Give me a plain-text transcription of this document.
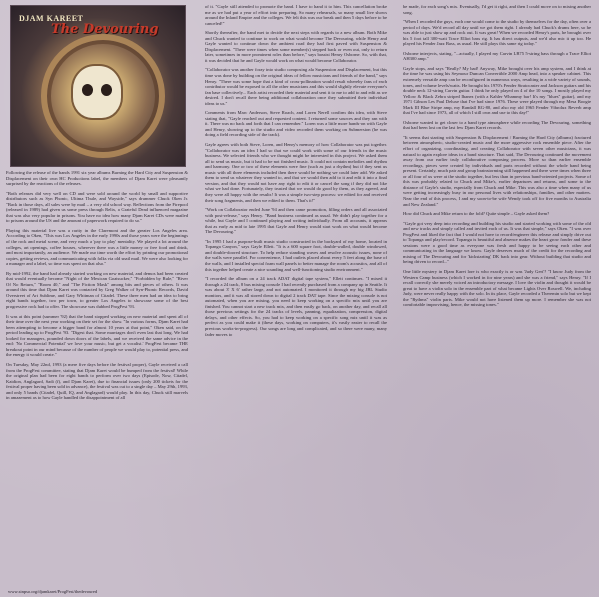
DJAM KAREET
The Devouring

Following the release of the bands 1991 six year albums Burning the Hard City and Suspension & Displacement on their own HC Productions label, the members of Djam Karet were pleasantly surprised by the reactions of the releases.

"Both releases did very well on CD and were sold around the world by small and supportive distributors such as Syn Phonic, Ultima Thule, and Wayside," says drummer Chuck Oken Jr. "Back in those days, all sales were by mail – a very old school way. Reflections from the Firepool (released in 1989) had given us some press through Relix, a Grateful Dead influenced magazine that was also very popular in prisons. You have no idea how many Djam Karet CDs were mailed to prisons around the US and the amount of paperwork required to do so."

Playing this material live was a rarity in the Claremont and the greater Los Angeles area. According to Oken, "This was Los Angeles in the early 1990s and those years were the beginnings of the rock and metal scene, and very much a 'pay to play' mentality. We played a lot around the colleges, art openings, coffee houses, wherever there was a little money or free food and drink, and most importantly, an audience. We made our time worth the effort by printing our promotional copies, getting reviews, and communicating with folks via old snail mail. We were also looking for a manager and a label, so time was spent on that also."

By mid-1992, the band had already started working on new material, and demos had been created that would eventually become "Night of the Mexican Goatsucker," "Forbidden by Rule," "River Of No Return," "Room 40," and "The Fiction Mask" among bits and pieces of others. It was around this time that Djam Karet was contacted by Greg Walker of Syn-Phonic Records, David Overstreet of Art Sublime, and Gary Whitman of Citadel. These three men had an idea to bring eight bands together, two per town, to greater Los Angeles to showcase some of the best progressive rock had to offer. The showcase was dubbed ProgFest '93.

It was at this point (summer '92) that the band stopped working on new material and spent all of their time over the next year working on their set for the show. "In various forms, Djam Karet had been attempting to become a bigger band for almost 10 years at that point," Oken said, on the period leading up to ProgFest '93. "Digest that. Some marriages don't even last that long. We had looked for managers, pounded down doors of the labels, and we received the same advice in the end: 'No Commercial Potential' we love your music, but get a vocalist.' ProgFest became THE breakout point in our mind because of the number of people we would play to, potential press, and the energy it would create."

On Tuesday, May 22nd, 1993 (a mere five days before the festival proper), Gayle received a call from the ProgFest committee, stating that Djam Karet would be bumped from the festival! While the original plan had been for eight bands to perform over two days (Episode, Now, Citadel, Kaidion, Anglagard, Sadi (f), and Djam Karet), due to financial issues (only 200 tickets for the festival proper having been sold in advance), the festival was cut to a single day – May 29th, 1993, and only 5 bands (Citadel, Quill, IQ, and Anglagard) would play. In this day, Chuck still marvels in amazement as to how Gayle handled the disappointment of all

of it. "Gayle still attended to promote the band. I have to hand it to him. This cancellation broke me as we had put a year of effort into preparing. So many rehearsals, so many small live shows around the Inland Empire and the colleges. We felt this was our break and then 5 days before to be canceled!"

Shortly thereafter, the band met to decide the next steps with regards to a new album. Both Mike and Chuck wanted to continue to work on what would become The Devouring, while Henry and Gayle wanted to continue down the ambient road they had first paved with Suspension & Displacement. "There were times when some member(s) stepped back or even out, only to return later, sometimes in more prominent roles than before," says bassist Henry Osborne. So, with that, it was decided that he and Gayle would work on what would become Collaborator.

"Collaborator was another foray into studio composing ala Suspension and Displacement, but this time was done by building on the original ideas of fellow musicians and friends of the band," says Henry. "There was some hope that a kind of cross-pollination would result whereby fans of each contributor would be exposed to all the other musicians and this would slightly elevate everyone's fan base collectively... Each artist recorded their material and sent it to me to add to and edit as we desired. I don't recall there being additional collaboration once they submitted their individual ideas to us."

Comments from Marc Anderson, Steve Roach, and Loren Nerell confirm this idea, with Steve stating that, "Gayle reached out and requested content. I returned some sources and they ran with it. There was no back and forth that I can remember." Loren was a little more hands-on with Gayle and Henry, showing up to the studio and video recorded them working on Submersion (he was doing a field recording side of the track).

Gayle agrees with both Steve, Loren, and Henry's memory of how Collaborator was put together. "Collaborator was an idea I had so that we could work with some of our friends in the music business. We selected friends who we thought might be interested in this project. We asked them all to send us music, but it had to be not finished music. It could not contain melodies and rhythm and harmony. One or two of these elements were fine (such as just a rhythm) but if they sent us music with all three elements included then there would be nothing we could later add. We asked them to send us whatever they wanted to, and that we would then add to it and edit it into a final version, and that they would not have any right to edit it or cancel the song if they did not like what we had done. Fortunately, they trusted that we would do good by them, as they agreed, and they were all happy with the results! It was a simple two-step process: we edited for and received their song fragments, and then we edited to them. That's it!"

"Work on Collaborator ended June '94 and then came promotion, filling orders and all associated with post-release," says Henry. "Band business continued as usual. We didn't play together for a while, but Gayle and I continued playing and writing individually. From all accounts, it appears that as early as mid to late 1995 that Gayle and Henry would start work on what would become The Devouring."

"In 1995 I had a purpose-built music studio constructed in the backyard of my home, located in Topanga Canyon," says Gayle Ellett. "It is a 600 square foot, double-walled, double windowed, and double-doored structure. To help reduce standing waves and resolve acoustic issues, none of the walls were parallel. For convenience, I had outlets placed about every 5 feet along the base of the walls, and I installed special foam wall panels to better manage the room's acoustics, and all of this together helped create a nice sounding and well-functioning studio environment."

"I recorded the album on a 24 track ADAT digital tape system," Ellett continues. "I mixed it through a 24 track, 8 bus mixing console I had recently purchased from a company up in Seattle. It was about 3' X 6' rather large, and not automated. I monitored it through my big JBL Studio monitors, and it was all stored down to digital 2 track DAT tape. Since the mixing console is not automated, when you are mixing, you need to keep working on a specific mix until you are finished. You cannot start a new track mix, and then easily go back, on another day, and recall all those previous settings for the 24 tracks of levels, panning, equalization, compression, digital delays, and other effects. So, you had to keep working on a specific song mix until it was as perfect as you could make it (these days, working on computers, it's vastly easier to recall the previous works-in-progress). Our songs are long and complicated, and so there were many, many fader moves to

be made, for each song's mix. Eventually, I'd get it right, and then I could move on to mixing another song.

"When I recorded the guys, each one would come to the studio by themselves for the day, often over a period of days. We'd record all day until we got them right. I already had Chuck's drums here, so he was able to just show up and rock out. It was great! When we recorded Henry's parts, he brought over his 5 foot tall 300-watt Trace Elliot bass rig. It has direct outputs, and we'd also mic it up too. He played his Fender Jazz Bass, as usual. He still plays this same rig today."

Osborne interjects, stating, "...actually, I played my Carvin LB75 5-string bass through a Trace Elliot AH300 amp."

Gayle stops, and says "Really? My bad! Anyway, Mike brought over his amp system, and I think at the time he was using his Seymour Duncan Convertible 2000 Amp head, into a speaker cabinet. This extremely versatile amp can be reconfigured in numerous ways, resulting in a wide variety of sounds, tones, and volume levels/watts. He brought his 1970's Fender Stratocaster and Jackson guitars and his double neck 12-string Carvin guitar. I think he only played on 4 of the 10 songs. I mostly played my Yellow & Black Zebra striped Ibanez (with a Kahler Whammy bar! It's my "blues" guitar), and my 1971 Gibson Les Paul Deluxe that I've had since 1976. These were played through my Mesa Boogie Mark III Blue Stripe amp, my Randall RG-80, and also my old 1965 Fender Vibrolux Reverb amp that I've had since 1973, all of which I still own and use to this day!"

Osborne wanted to get closer to a band type atmosphere while recording The Devouring, something that had been lost on the last few Djam Karet records.

"It seems that starting with Suspension & Displacement / Burning the Hard City (albums) fractured between atmospheric, studio-created music and the more aggressive rock ensemble piece. After the effort of organizing, coordinating, and creating Collaborator with seven other musicians, it was natural to again explore ideas in a band structure. That said, The Devouring continued the movement away from our earlier truly collaborative composing process. More so than earlier ensemble recordings, pieces were created by individuals and parts recorded without the whole band being present. Certainly, much pair and group brainstorming still happened and there were times when three or all four of us were at the studio together, but less than in previous band-oriented projects. Some of this was probably related to Chuck and Mike's, earlier departures and returns, and some to the distance of Gayle's studio, especially from Chuck and Mike. This was also a time when many of us were getting increasingly busy in our personal lives with relationships, families, and other matters. Near the end of this process, I and my soon-to-be wife Wendy took off for five months to Australia and New Zealand."

How did Chuck and Mike return to the fold? Quite simple – Gayle asked them?

"Gayle got very deep into recording and building his studio and started working with some of the old and new tracks and simply called and invited each of us. It was that simple," says Oken. "I was over ProgFest and liked the fact that I would not have to record/engineer this release and simply drive out to Topanga and play/record. Topanga is beautiful and absence makes the heart grow fonder and these sessions were a good time as everyone was fresh and happy to be seeing each other and communicating in the language we know. Gayle deserves much of the credit for the recording and mixing of The Devouring and for 'kickstarting' DK back into gear. Without building that studio and being driven to record..."

One little mystery in Djam Karet lore is who exactly is or was 'Judy Gert'? "I know Judy from the Western Camp business (which I worked in for nine years) and she was a friend," says Henry. "If I recall correctly she merely voiced an introductory message. I love the violin and thought it would be great to have a violin solo in the ensemble part of what became Lights Over Roswell. We, including Judy, were never really happy with the solo. In its place, Gayle recorded a Theremin solo but we kept the "Rythms" violin parts. Mike would not have listened them up more. I remember she was not comfortable improvising, hence, the missing tones."

www.sinpso.org/djamkaret/ProgFest/thedevoured
